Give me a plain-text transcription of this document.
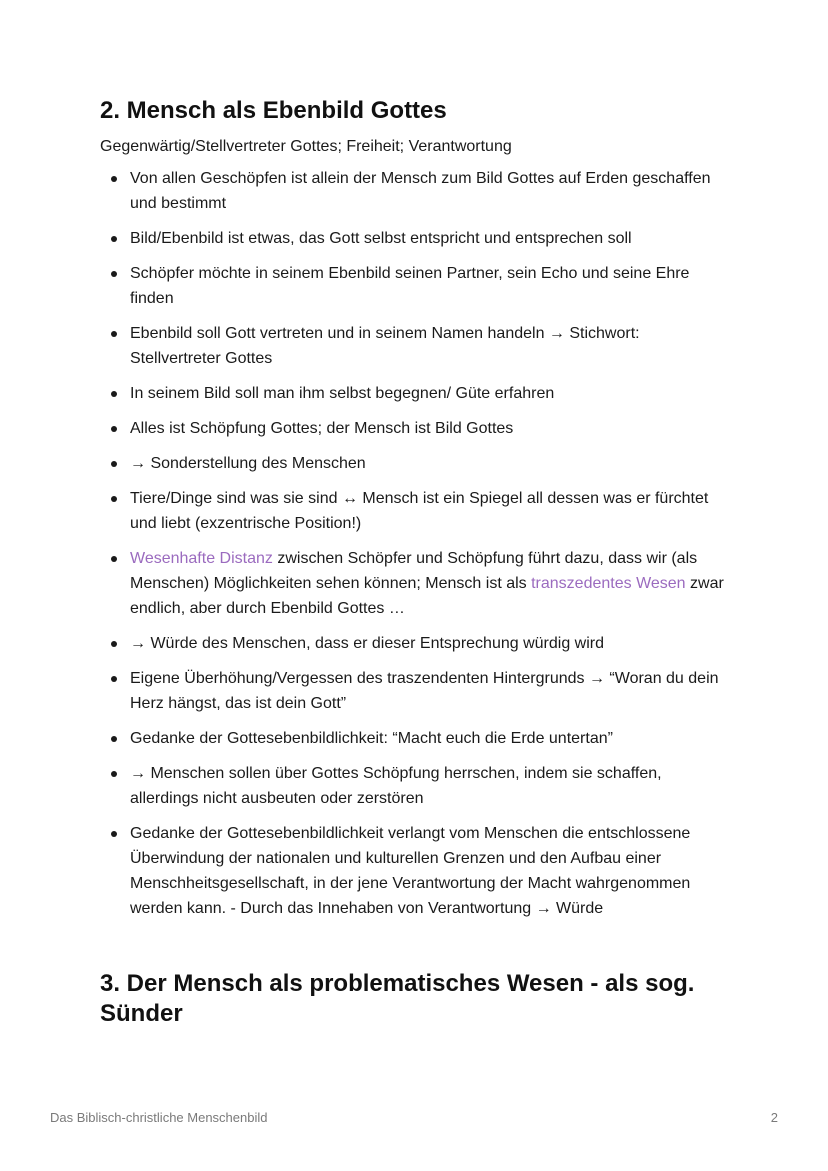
2. Mensch als Ebenbild Gottes
Gegenwärtig/Stellvertreter Gottes; Freiheit; Verantwortung
Von allen Geschöpfen ist allein der Mensch zum Bild Gottes auf Erden geschaffen und bestimmt
Bild/Ebenbild ist etwas, das Gott selbst entspricht und entsprechen soll
Schöpfer möchte in seinem Ebenbild seinen Partner, sein Echo und seine Ehre finden
Ebenbild soll Gott vertreten und in seinem Namen handeln → Stichwort: Stellvertreter Gottes
In seinem Bild soll man ihm selbst begegnen/ Güte erfahren
Alles ist Schöpfung Gottes; der Mensch ist Bild Gottes
→ Sonderstellung des Menschen
Tiere/Dinge sind was sie sind ↔ Mensch ist ein Spiegel all dessen was er fürchtet und liebt (exzentrische Position!)
Wesenhafte Distanz zwischen Schöpfer und Schöpfung führt dazu, dass wir (als Menschen) Möglichkeiten sehen können; Mensch ist als transzedentes Wesen zwar endlich, aber durch Ebenbild Gottes …
→ Würde des Menschen, dass er dieser Entsprechung würdig wird
Eigene Überhöhung/Vergessen des traszendenten Hintergrunds → “Woran du dein Herz hängst, das ist dein Gott”
Gedanke der Gottesebenbildlichkeit: “Macht euch die Erde untertan”
→ Menschen sollen über Gottes Schöpfung herrschen, indem sie schaffen, allerdings nicht ausbeuten oder zerstören
Gedanke der Gottesebenbildlichkeit verlangt vom Menschen die entschlossene Überwindung der nationalen und kulturellen Grenzen und den Aufbau einer Menschheitsgesellschaft, in der jene Verantwortung der Macht wahrgenommen werden kann. - Durch das Innehaben von Verantwortung → Würde
3. Der Mensch als problematisches Wesen - als sog. Sünder
Das Biblisch-christliche Menschenbild	2
